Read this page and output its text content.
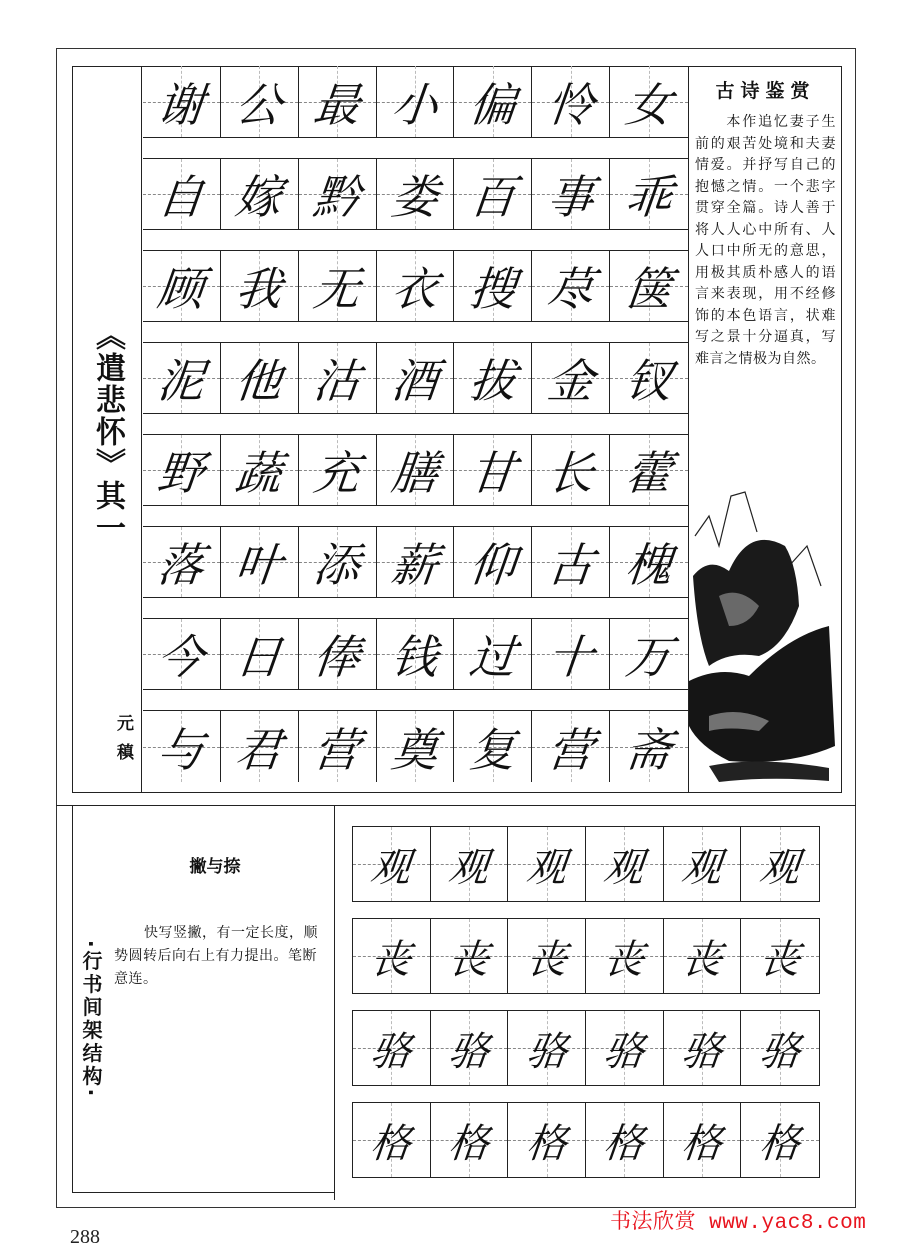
《遣悲怀》其一
元稹
谢 公 最 小 偏 怜 女
自 嫁 黔 娄 百 事 乖
顾 我 无 衣 搜 荩 箧
泥 他 沽 酒 拔 金 钗
野 蔬 充 膳 甘 长 藿
落 叶 添 薪 仰 古 槐
今 日 俸 钱 过 十 万
与 君 营 奠 复 营 斋
古诗鉴赏
本作追忆妻子生前的艰苦处境和夫妻情爱。并抒写自己的抱憾之情。一个悲字贯穿全篇。诗人善于将人人心中所有、人人口中所无的意思，用极其质朴感人的语言来表现，用不经修饰的本色语言，状难写之景十分逼真，写难言之情极为自然。
撇与捺
快写竖撇，有一定长度，顺势圆转后向右上有力提出。笔断意连。
·行书间架结构·
观 观 观 观 观 观
丧 丧 丧 丧 丧 丧
骆 骆 骆 骆 骆 骆
格 格 格 格 格 格
288
书法欣赏 www.yac8.com
